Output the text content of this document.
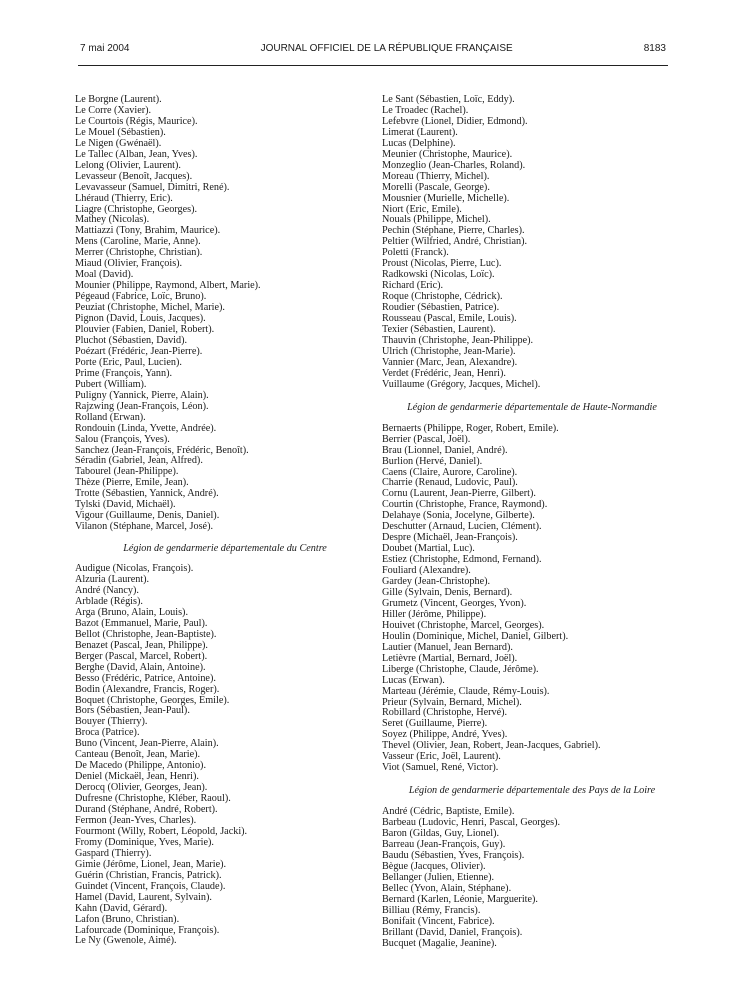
7 mai 2004	JOURNAL OFFICIEL DE LA RÉPUBLIQUE FRANÇAISE	8183
Le Borgne (Laurent).
Le Corre (Xavier).
Le Courtois (Régis, Maurice).
Le Mouel (Sébastien).
Le Nigen (Gwénaël).
Le Tallec (Alban, Jean, Yves).
Lelong (Olivier, Laurent).
Levasseur (Benoît, Jacques).
Levavasseur (Samuel, Dimitri, René).
Lhéraud (Thierry, Eric).
Liagre (Christophe, Georges).
Mathey (Nicolas).
Mattiazzi (Tony, Brahim, Maurice).
Mens (Caroline, Marie, Anne).
Merrer (Christophe, Christian).
Miaud (Olivier, François).
Moal (David).
Mounier (Philippe, Raymond, Albert, Marie).
Pégeaud (Fabrice, Loïc, Bruno).
Peuziat (Christophe, Michel, Marie).
Pignon (David, Louis, Jacques).
Plouvier (Fabien, Daniel, Robert).
Pluchot (Sébastien, David).
Poézart (Frédéric, Jean-Pierre).
Porte (Eric, Paul, Lucien).
Prime (François, Yann).
Pubert (William).
Puligny (Yannick, Pierre, Alain).
Rajzwing (Jean-François, Léon).
Rolland (Erwan).
Rondouin (Linda, Yvette, Andrée).
Salou (François, Yves).
Sanchez (Jean-François, Frédéric, Benoît).
Séradin (Gabriel, Jean, Alfred).
Tabourel (Jean-Philippe).
Thèze (Pierre, Emile, Jean).
Trotte (Sébastien, Yannick, André).
Tylski (David, Michaël).
Vigour (Guillaume, Denis, Daniel).
Vilanon (Stéphane, Marcel, José).
Légion de gendarmerie départementale du Centre
Audigue (Nicolas, François).
Alzuria (Laurent).
André (Nancy).
Arblade (Régis).
Arga (Bruno, Alain, Louis).
Bazot (Emmanuel, Marie, Paul).
Bellot (Christophe, Jean-Baptiste).
Benazet (Pascal, Jean, Philippe).
Berger (Pascal, Marcel, Robert).
Berghe (David, Alain, Antoine).
Besso (Frédéric, Patrice, Antoine).
Bodin (Alexandre, Francis, Roger).
Boquet (Christophe, Georges, Emile).
Bors (Sébastien, Jean-Paul).
Bouyer (Thierry).
Broca (Patrice).
Buno (Vincent, Jean-Pierre, Alain).
Canteau (Benoît, Jean, Marie).
De Macedo (Philippe, Antonio).
Deniel (Mickaël, Jean, Henri).
Derocq (Olivier, Georges, Jean).
Dufresne (Christophe, Kléber, Raoul).
Durand (Stéphane, André, Robert).
Fermon (Jean-Yves, Charles).
Fourmont (Willy, Robert, Léopold, Jacki).
Fromy (Dominique, Yves, Marie).
Gaspard (Thierry).
Gimie (Jérôme, Lionel, Jean, Marie).
Guérin (Christian, Francis, Patrick).
Guindet (Vincent, François, Claude).
Hamel (David, Laurent, Sylvain).
Kahn (David, Gérard).
Lafon (Bruno, Christian).
Lafourcade (Dominique, François).
Le Ny (Gwenole, Aimé).
Le Sant (Sébastien, Loïc, Eddy).
Le Troadec (Rachel).
Lefebvre (Lionel, Didier, Edmond).
Limerat (Laurent).
Lucas (Delphine).
Meunier (Christophe, Maurice).
Monzeglio (Jean-Charles, Roland).
Moreau (Thierry, Michel).
Morelli (Pascale, George).
Mousnier (Murielle, Michelle).
Niort (Eric, Emile).
Nouals (Philippe, Michel).
Pechin (Stéphane, Pierre, Charles).
Peltier (Wilfried, André, Christian).
Poletti (Franck).
Proust (Nicolas, Pierre, Luc).
Radkowski (Nicolas, Loïc).
Richard (Eric).
Roque (Christophe, Cédrick).
Roudier (Sébastien, Patrice).
Rousseau (Pascal, Emile, Louis).
Texier (Sébastien, Laurent).
Thauvin (Christophe, Jean-Philippe).
Ulrich (Christophe, Jean-Marie).
Vannier (Marc, Jean, Alexandre).
Verdet (Frédéric, Jean, Henri).
Vuillaume (Grégory, Jacques, Michel).
Légion de gendarmerie départementale de Haute-Normandie
Bernaerts (Philippe, Roger, Robert, Emile).
Berrier (Pascal, Joël).
Brau (Lionnel, Daniel, André).
Burlion (Hervé, Daniel).
Caens (Claire, Aurore, Caroline).
Charrie (Renaud, Ludovic, Paul).
Cornu (Laurent, Jean-Pierre, Gilbert).
Courtin (Christophe, France, Raymond).
Delahaye (Sonia, Jocelyne, Gilberte).
Deschutter (Arnaud, Lucien, Clément).
Despre (Michaël, Jean-François).
Doubet (Martial, Luc).
Estiez (Christophe, Edmond, Fernand).
Fouliard (Alexandre).
Gardey (Jean-Christophe).
Gille (Sylvain, Denis, Bernard).
Grumetz (Vincent, Georges, Yvon).
Hiller (Jérôme, Philippe).
Houivet (Christophe, Marcel, Georges).
Houlin (Dominique, Michel, Daniel, Gilbert).
Lautier (Manuel, Jean Bernard).
Letièvre (Martial, Bernard, Joël).
Liberge (Christophe, Claude, Jérôme).
Lucas (Erwan).
Marteau (Jérémie, Claude, Rémy-Louis).
Prieur (Sylvain, Bernard, Michel).
Robillard (Christophe, Hervé).
Seret (Guillaume, Pierre).
Soyez (Philippe, André, Yves).
Thevel (Olivier, Jean, Robert, Jean-Jacques, Gabriel).
Vasseur (Eric, Joël, Laurent).
Viot (Samuel, René, Victor).
Légion de gendarmerie départementale des Pays de la Loire
André (Cédric, Baptiste, Emile).
Barbeau (Ludovic, Henri, Pascal, Georges).
Baron (Gildas, Guy, Lionel).
Barreau (Jean-François, Guy).
Baudu (Sébastien, Yves, François).
Bègue (Jacques, Olivier).
Bellanger (Julien, Etienne).
Bellec (Yvon, Alain, Stéphane).
Bernard (Karlen, Léonie, Marguerite).
Billiau (Rémy, Francis).
Bonifait (Vincent, Fabrice).
Brillant (David, Daniel, François).
Bucquet (Magalie, Jeanine).
